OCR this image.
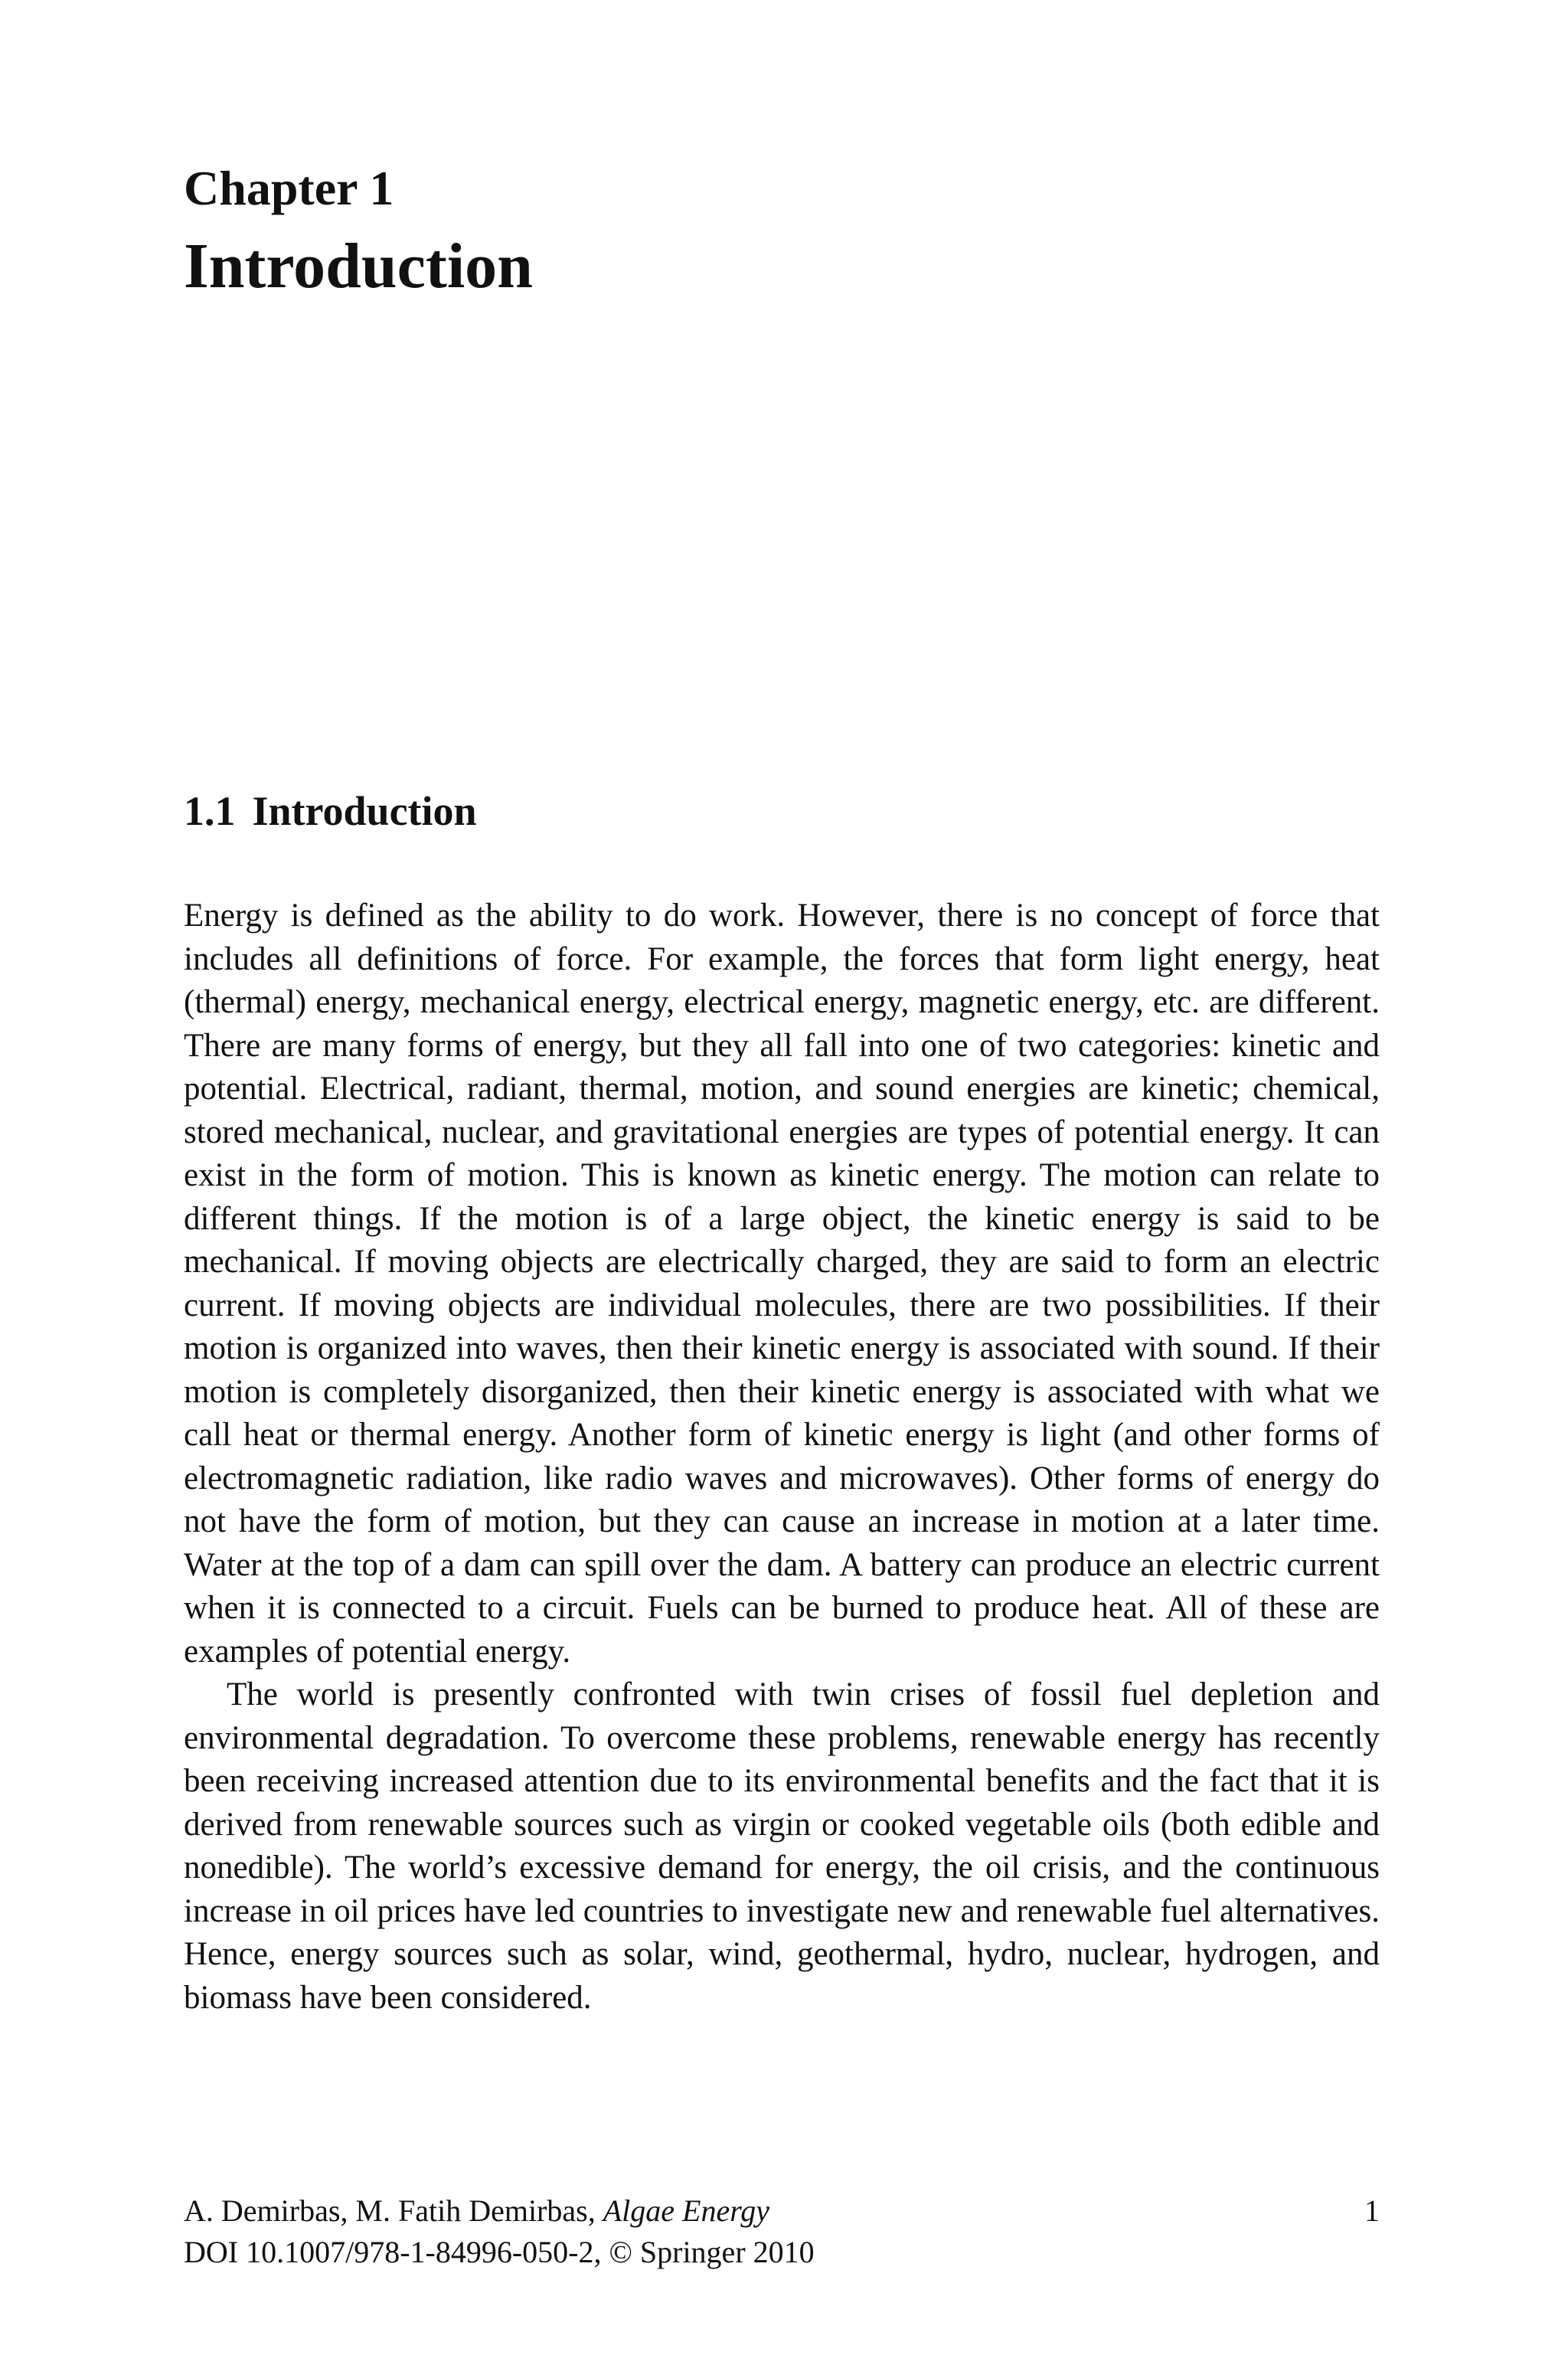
Chapter 1
Introduction
1.1 Introduction

Energy is defined as the ability to do work. However, there is no concept of force that includes all definitions of force. For example, the forces that form light energy, heat (thermal) energy, mechanical energy, electrical energy, magnetic energy, etc. are different. There are many forms of energy, but they all fall into one of two categories: kinetic and potential. Electrical, radiant, thermal, motion, and sound energies are kinetic; chemical, stored mechanical, nuclear, and gravitational energies are types of potential energy. It can exist in the form of motion. This is known as kinetic energy. The motion can relate to different things. If the motion is of a large object, the kinetic energy is said to be mechanical. If moving objects are electrically charged, they are said to form an electric current. If moving objects are individual molecules, there are two possibilities. If their motion is organized into waves, then their kinetic energy is associated with sound. If their motion is completely disorganized, then their kinetic energy is associated with what we call heat or thermal energy. Another form of kinetic energy is light (and other forms of electromagnetic radiation, like radio waves and microwaves). Other forms of energy do not have the form of motion, but they can cause an increase in motion at a later time. Water at the top of a dam can spill over the dam. A battery can produce an electric current when it is connected to a circuit. Fuels can be burned to produce heat. All of these are examples of potential energy.

The world is presently confronted with twin crises of fossil fuel depletion and environmental degradation. To overcome these problems, renewable energy has recently been receiving increased attention due to its environmental benefits and the fact that it is derived from renewable sources such as virgin or cooked vegetable oils (both edible and nonedible). The world’s excessive demand for energy, the oil crisis, and the continuous increase in oil prices have led countries to investigate new and renewable fuel alternatives. Hence, energy sources such as solar, wind, geothermal, hydro, nuclear, hydrogen, and biomass have been considered.

A. Demirbas, M. Fatih Demirbas, Algae Energy	1
DOI 10.1007/978-1-84996-050-2, © Springer 2010
